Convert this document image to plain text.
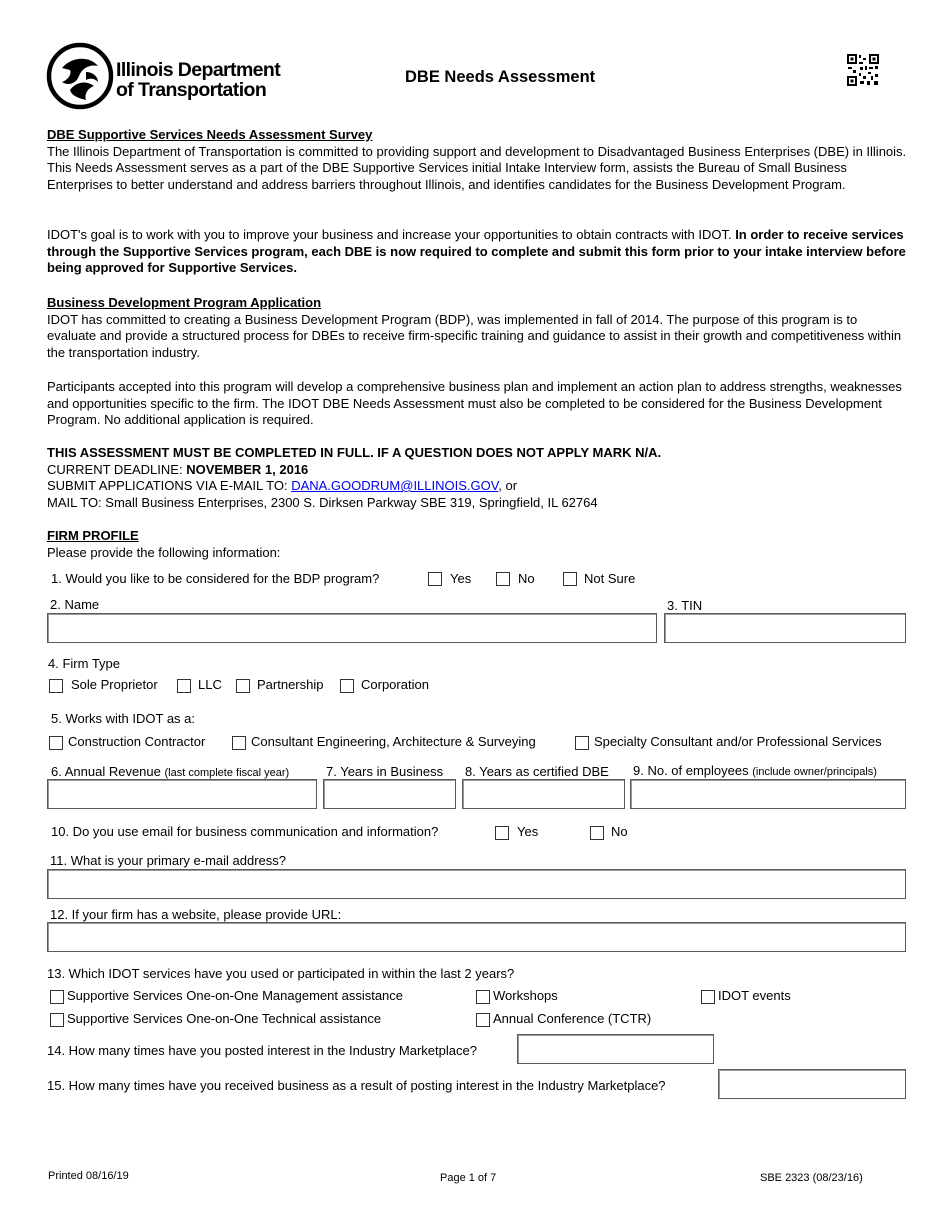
Illinois Department
of Transportation
DBE Needs Assessment
DBE Supportive Services Needs Assessment Survey
The Illinois Department of Transportation is committed to providing support and development to Disadvantaged Business Enterprises (DBE) in Illinois. This Needs Assessment serves as a part of the DBE Supportive Services initial Intake Interview form, assists the Bureau of Small Business Enterprises to better understand and address barriers throughout Illinois, and identifies candidates for the Business Development Program.
IDOT's goal is to work with you to improve your business and increase your opportunities to obtain contracts with IDOT. In order to receive services through the Supportive Services program, each DBE is now required to complete and submit this form prior to your intake interview before being approved for Supportive Services.
Business Development Program Application
IDOT has committed to creating a Business Development Program (BDP), was implemented in fall of 2014. The purpose of this program is to evaluate and provide a structured process for DBEs to receive firm-specific training and guidance to assist in their growth and competitiveness within the transportation industry.
Participants accepted into this program will develop a comprehensive business plan and implement an action plan to address strengths, weaknesses and opportunities specific to the firm. The IDOT DBE Needs Assessment must also be completed to be considered for the Business Development Program. No additional application is required.
THIS ASSESSMENT MUST BE COMPLETED IN FULL. IF A QUESTION DOES NOT APPLY MARK N/A.
CURRENT DEADLINE: NOVEMBER 1, 2016
SUBMIT APPLICATIONS VIA E-MAIL TO: DANA.GOODRUM@ILLINOIS.GOV, or
MAIL TO: Small Business Enterprises, 2300 S. Dirksen Parkway SBE 319, Springfield, IL 62764
FIRM PROFILE
Please provide the following information:
1. Would you like to be considered for the BDP program?	Yes	No	Not Sure
2. Name	3. TIN
4. Firm Type
Sole Proprietor	LLC	Partnership	Corporation
5. Works with IDOT as a:
Construction Contractor	Consultant Engineering, Architecture & Surveying	Specialty Consultant and/or Professional Services
6. Annual Revenue (last complete fiscal year)	7. Years in Business 8. Years as certified DBE 9. No. of employees (include owner/principals)
10. Do you use email for business communication and information?	Yes	No
11. What is your primary e-mail address?
12. If your firm has a website, please provide URL:
13. Which IDOT services have you used or participated in within the last 2 years?
Supportive Services One-on-One Management assistance	Workshops	IDOT events
Supportive Services One-on-One Technical assistance	Annual Conference (TCTR)
14. How many times have you posted interest in the Industry Marketplace?
15. How many times have you received business as a result of posting interest in the Industry Marketplace?
Printed 08/16/19	Page 1 of 7	SBE 2323 (08/23/16)
